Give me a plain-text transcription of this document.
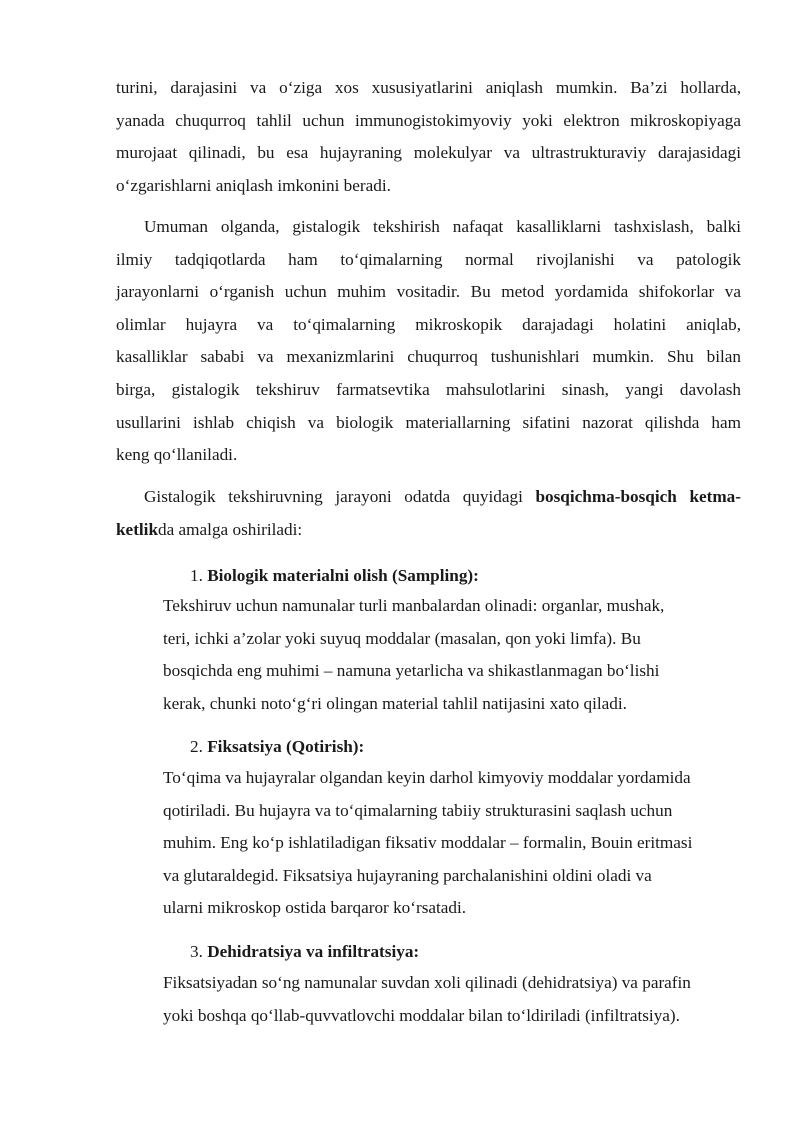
turini, darajasini va o‘ziga xos xususiyatlarini aniqlash mumkin. Ba’zi hollarda,
yanada chuqurroq tahlil uchun immunogistokimyoviy yoki elektron mikroskopiyaga
murojaat qilinadi, bu esa hujayraning molekulyar va ultrastrukturaviy darajasidagi
o‘zgarishlarni aniqlash imkonini beradi.
Umuman olganda, gistalogik tekshirish nafaqat kasalliklarni tashxislash, balki
ilmiy tadqiqotlarda ham to‘qimalarning normal rivojlanishi va patologik
jarayonlarni o‘rganish uchun muhim vositadir. Bu metod yordamida shifokorlar va
olimlar hujayra va to‘qimalarning mikroskopik darajadagi holatini aniqlab,
kasalliklar sababi va mexanizmlarini chuqurroq tushunishlari mumkin. Shu bilan
birga, gistalogik tekshiruv farmatsevtika mahsulotlarini sinash, yangi davolash
usullarini ishlab chiqish va biologik materiallarning sifatini nazorat qilishda ham
keng qo‘llaniladi.
Gistalogik tekshiruvning jarayoni odatda quyidagi bosqichma-bosqich ketma-
ketlikda amalga oshiriladi:
1. Biologik materialni olish (Sampling):
Tekshiruv uchun namunalar turli manbalardan olinadi: organlar, mushak,
teri, ichki a’zolar yoki suyuq moddalar (masalan, qon yoki limfa). Bu
bosqichda eng muhimi – namuna yetarlicha va shikastlanmagan bo‘lishi
kerak, chunki noto‘g‘ri olingan material tahlil natijasini xato qiladi.
2. Fiksatsiya (Qotirish):
To‘qima va hujayralar olgandan keyin darhol kimyoviy moddalar yordamida
qotiriladi. Bu hujayra va to‘qimalarning tabiiy strukturasini saqlash uchun
muhim. Eng ko‘p ishlatiladigan fiksativ moddalar – formalin, Bouin eritmasi
va glutaraldegid. Fiksatsiya hujayraning parchalanishini oldini oladi va
ularni mikroskop ostida barqaror ko‘rsatadi.
3. Dehidratsiya va infiltratsiya:
Fiksatsiyadan so‘ng namunalar suvdan xoli qilinadi (dehidratsiya) va parafin
yoki boshqa qo‘llab-quvvatlovchi moddalar bilan to‘ldiriladi (infiltratsiya).
